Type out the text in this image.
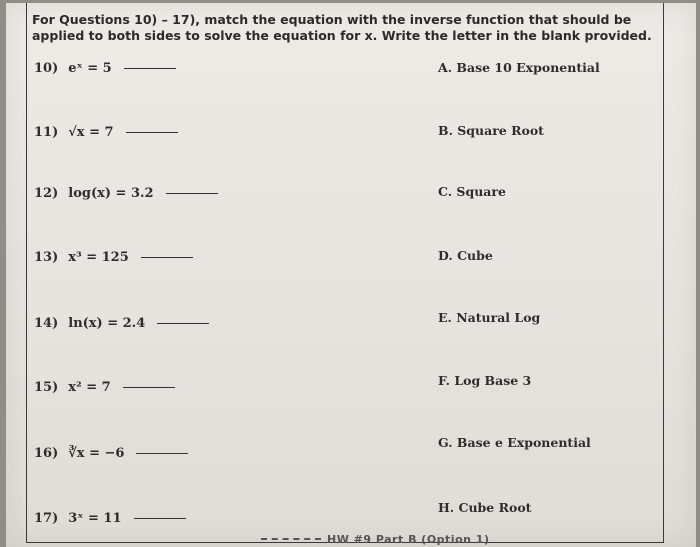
For Questions 10) – 17), match the equation with the inverse function that should be applied to both sides to solve the equation for x. Write the letter in the blank provided.
10) eˣ = 5
11) √x = 7
12) log(x) = 3.2
13) x³ = 125
14) ln(x) = 2.4
15) x² = 7
16) ∛x = −6
17) 3ˣ = 11
A. Base 10 Exponential
B. Square Root
C. Square
D. Cube
E. Natural Log
F. Log Base 3
G. Base e Exponential
H. Cube Root
HW #9 Part B (Option 1)
